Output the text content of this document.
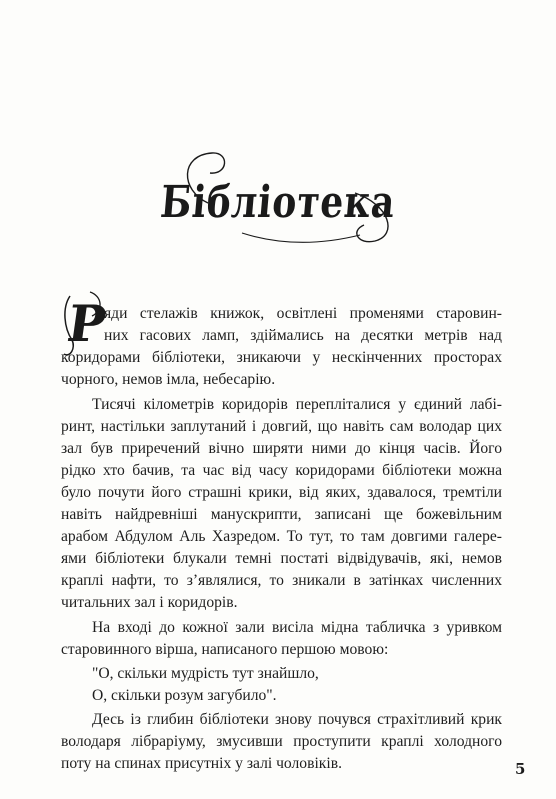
Бібліотека
Р
яди стелажів книжок, освітлені променями старовин-
них гасових ламп, здіймались на десятки метрів над
коридорами бібліотеки, зникаючи у нескінченних просторах
чорного, немов імла, небесарію.
Тисячі кілометрів коридорів перепліталися у єдиний лабі-
ринт, настільки заплутаний і довгий, що навіть сам володар цих
зал був приречений вічно ширяти ними до кінця часів. Його
рідко хто бачив, та час від часу коридорами бібліотеки можна
було почути його страшні крики, від яких, здавалося, тремтіли
навіть найдревніші манускрипти, записані ще божевільним
арабом Абдулом Аль Хазредом. То тут, то там довгими галере-
ями бібліотеки блукали темні постаті відвідувачів, які, немов
краплі нафти, то з’являлися, то зникали в затінках численних
читальних зал і коридорів.
На вході до кожної зали висіла мідна табличка з уривком
старовинного вірша, написаного першою мовою:
"О, скільки мудрість тут знайшло,
О, скільки розум загубило".
Десь із глибин бібліотеки знову почувся страхітливий крик
володаря лібраріуму, змусивши проступити краплі холодного
поту на спинах присутніх у залі чоловіків.	5
